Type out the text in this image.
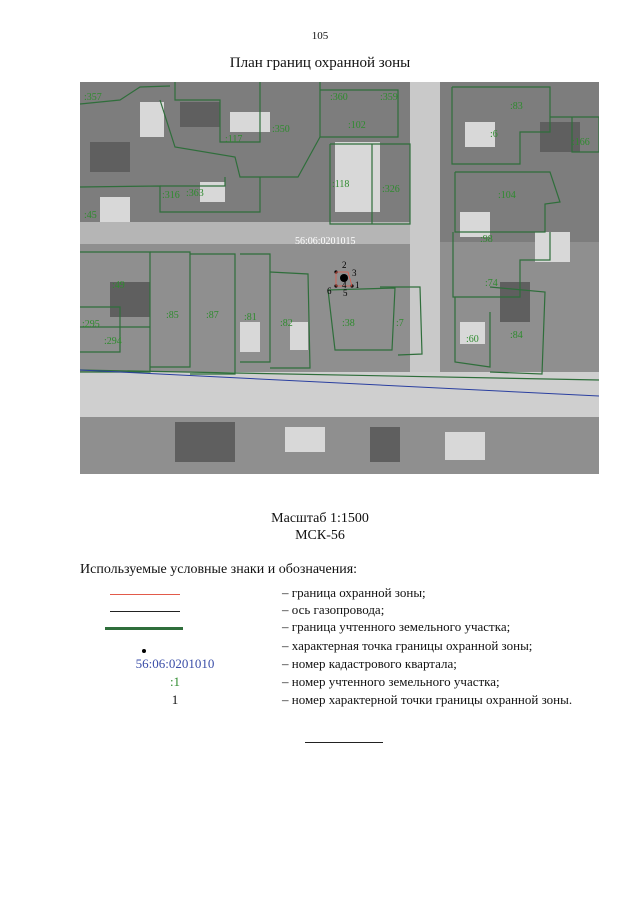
105
План границ охранной зоны
56:06:0201015
:357	:360	:359
:83
:117
:350	:102
:6
:166
:316 :363
:118	:326
:104
:45
:98
:49	:74
:295
:85	:87	:81
:82	:38	:7
:60	:84
:294
2
3
1
5
6
4
Масштаб 1:1500
МСК-56
Используемые условные знаки и обозначения:
– граница охранной зоны;
– ось газопровода;
– граница учтенного земельного участка;
– характерная точка границы охранной зоны;
56:06:0201010	– номер кадастрового квартала;
:1	– номер учтенного земельного участка;
1	– номер характерной точки границы охранной зоны.
